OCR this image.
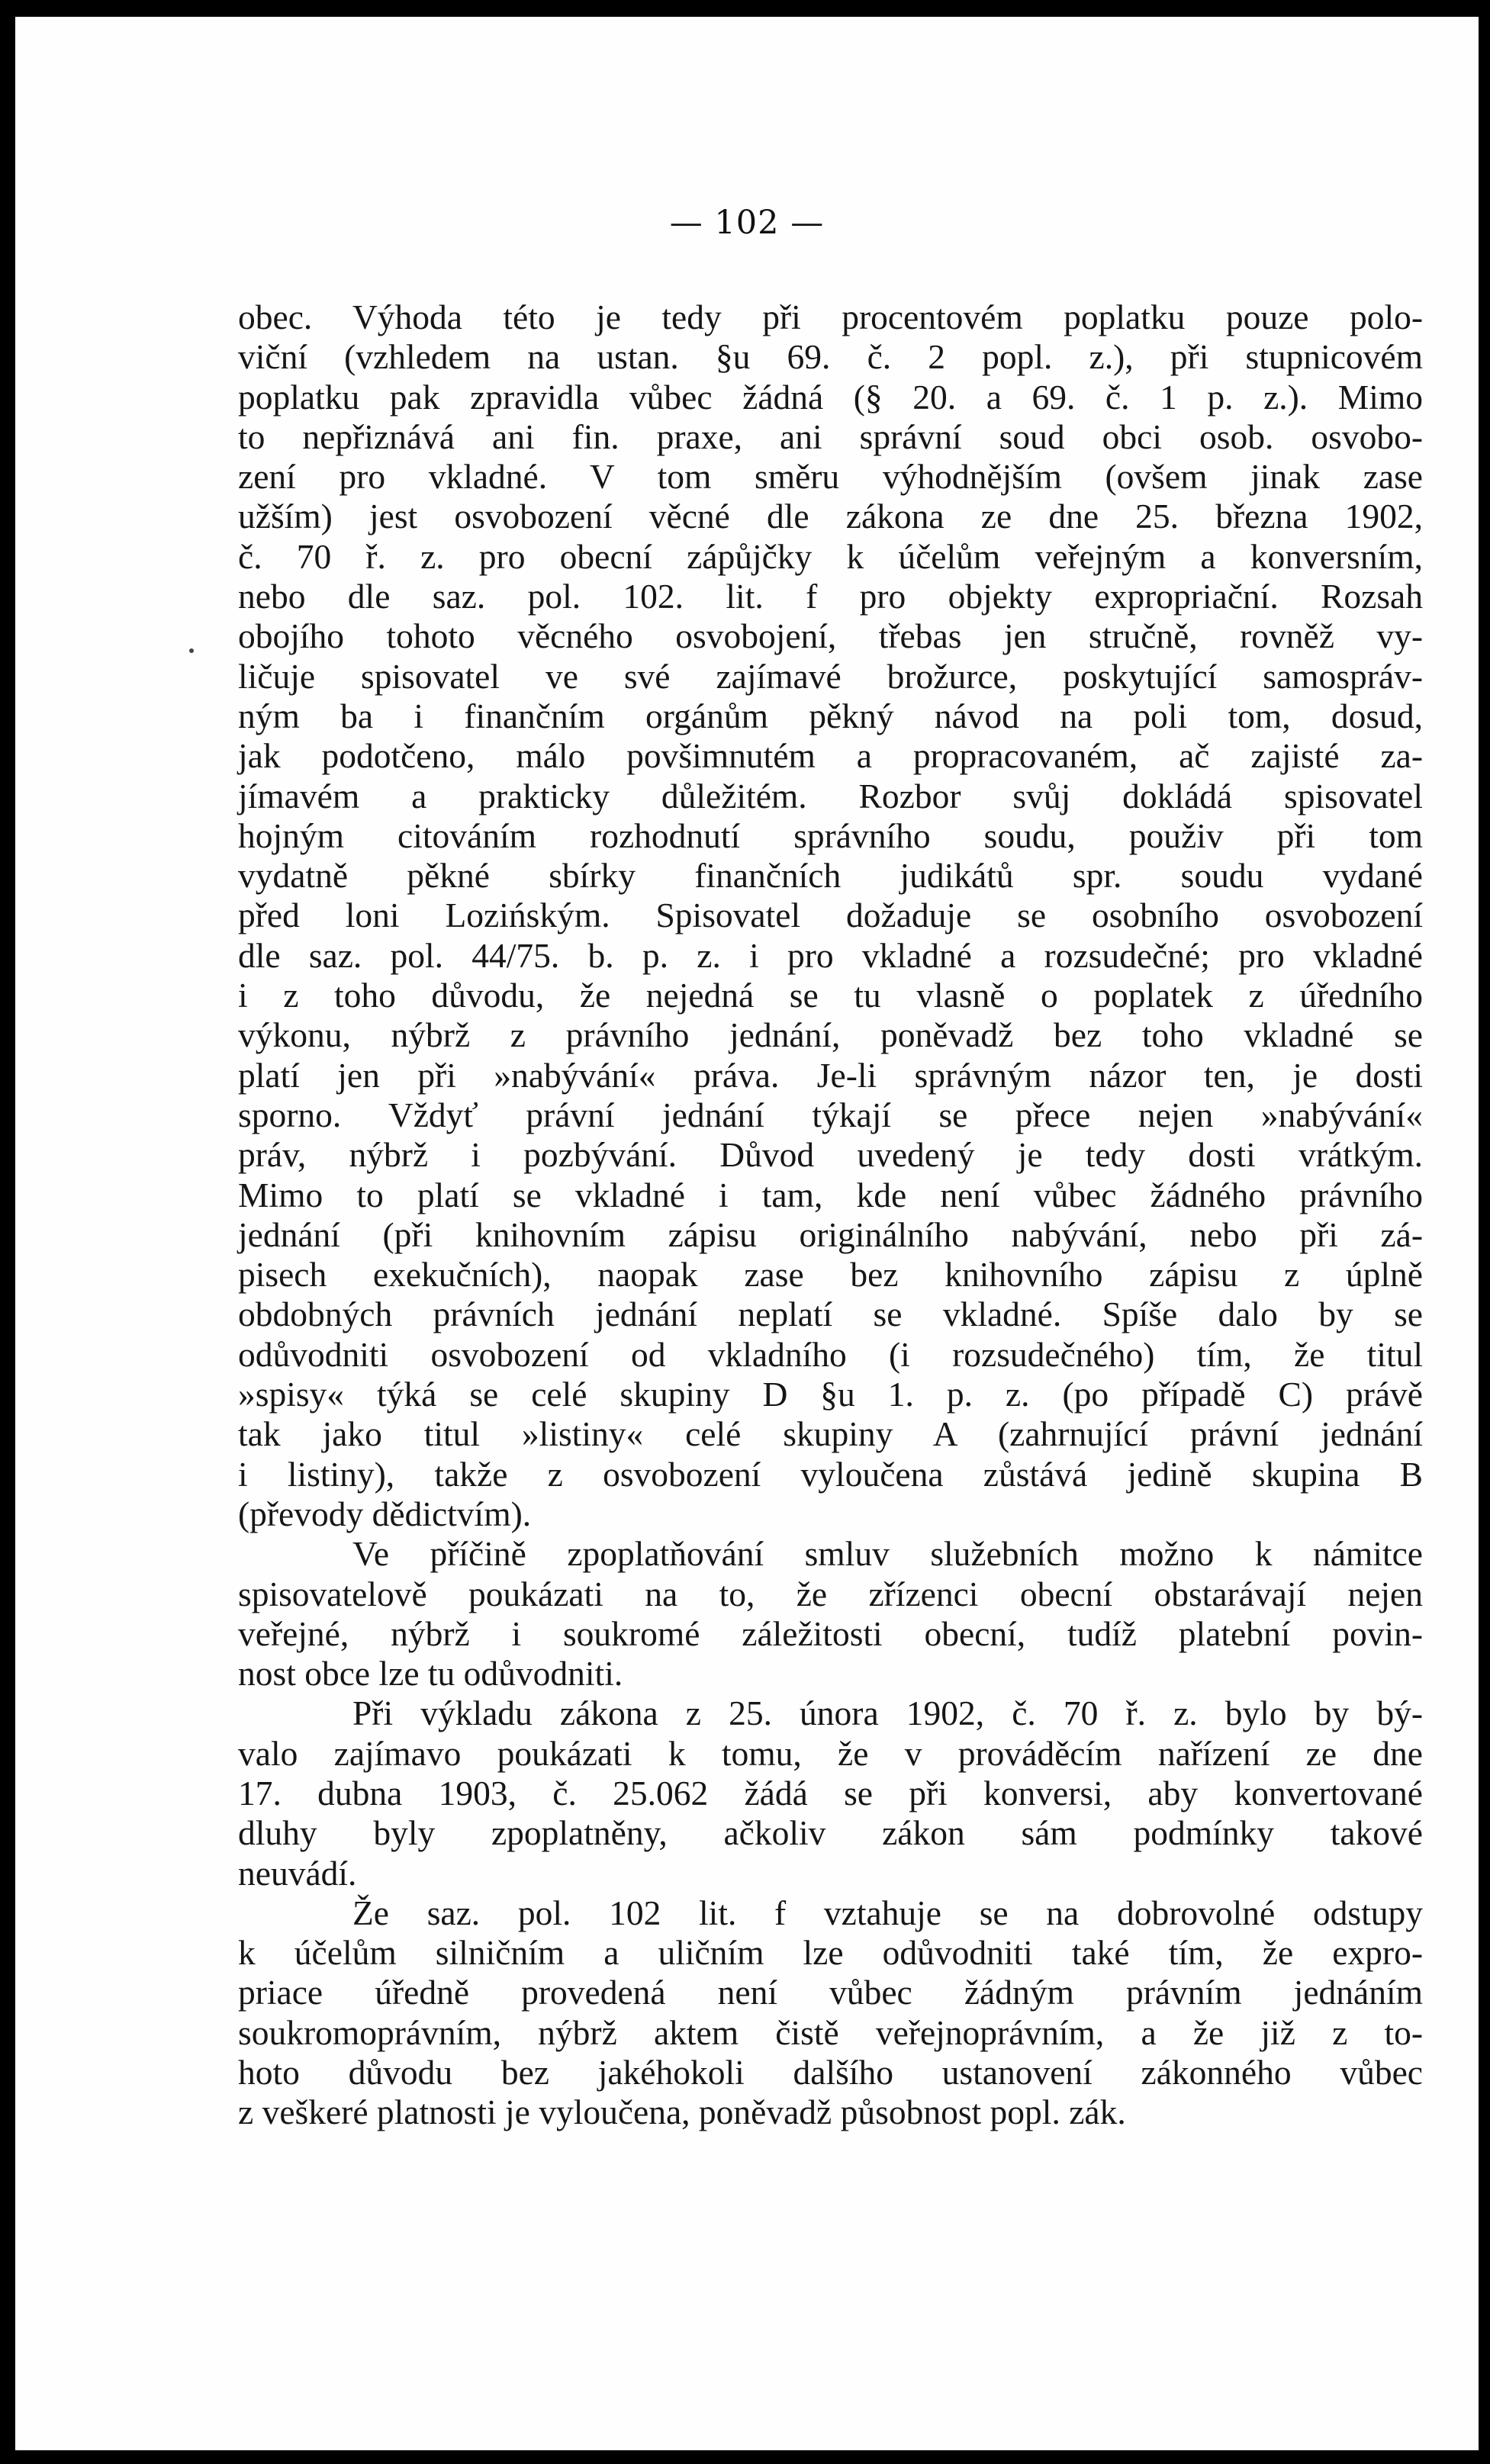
— 102 —
obec. Výhoda této je tedy při procentovém poplatku pouze polo-
viční (vzhledem na ustan. §u 69. č. 2 popl. z.), při stupnicovém
poplatku pak zpravidla vůbec žádná (§ 20. a 69. č. 1 p. z.). Mimo
to nepřiznává ani fin. praxe, ani správní soud obci osob. osvobo-
zení pro vkladné. V tom směru výhodnějším (ovšem jinak zase
užším) jest osvobození věcné dle zákona ze dne 25. března 1902,
č. 70 ř. z. pro obecní zápůjčky k účelům veřejným a konversním,
nebo dle saz. pol. 102. lit. f pro objekty expropriační. Rozsah
obojího tohoto věcného osvobojení, třebas jen stručně, rovněž vy-
ličuje spisovatel ve své zajímavé brožurce, poskytující samospráv-
ným ba i finančním orgánům pěkný návod na poli tom, dosud,
jak podotčeno, málo povšimnutém a propracovaném, ač zajisté za-
jímavém a prakticky důležitém. Rozbor svůj dokládá spisovatel
hojným citováním rozhodnutí správního soudu, použiv při tom
vydatně pěkné sbírky finančních judikátů spr. soudu vydané
před loni Lozińským. Spisovatel dožaduje se osobního osvobození
dle saz. pol. 44/75. b. p. z. i pro vkladné a rozsudečné; pro vkladné
i z toho důvodu, že nejedná se tu vlasně o poplatek z úředního
výkonu, nýbrž z právního jednání, poněvadž bez toho vkladné se
platí jen při »nabývání« práva. Je-li správným názor ten, je dosti
sporno. Vždyť právní jednání týkají se přece nejen »nabývání«
práv, nýbrž i pozbývání. Důvod uvedený je tedy dosti vrátkým.
Mimo to platí se vkladné i tam, kde není vůbec žádného právního
jednání (při knihovním zápisu originálního nabývání, nebo při zá-
pisech exekučních), naopak zase bez knihovního zápisu z úplně
obdobných právních jednání neplatí se vkladné. Spíše dalo by se
odůvodniti osvobození od vkladního (i rozsudečného) tím, že titul
»spisy« týká se celé skupiny D §u 1. p. z. (po případě C) právě
tak jako titul »listiny« celé skupiny A (zahrnující právní jednání
i listiny), takže z osvobození vyloučena zůstává jedině skupina B
(převody dědictvím).
Ve příčině zpoplatňování smluv služebních možno k námitce
spisovatelově poukázati na to, že zřízenci obecní obstarávají nejen
veřejné, nýbrž i soukromé záležitosti obecní, tudíž platební povin-
nost obce lze tu odůvodniti.
Při výkladu zákona z 25. února 1902, č. 70 ř. z. bylo by bý-
valo zajímavo poukázati k tomu, že v prováděcím nařízení ze dne
17. dubna 1903, č. 25.062 žádá se při konversi, aby konvertované
dluhy byly zpoplatněny, ačkoliv zákon sám podmínky takové
neuvádí.
Že saz. pol. 102 lit. f vztahuje se na dobrovolné odstupy
k účelům silničním a uličním lze odůvodniti také tím, že expro-
priace úředně provedená není vůbec žádným právním jednáním
soukromoprávním, nýbrž aktem čistě veřejnoprávním, a že již z to-
hoto důvodu bez jakéhokoli dalšího ustanovení zákonného vůbec
z veškeré platnosti je vyloučena, poněvadž působnost popl. zák.
